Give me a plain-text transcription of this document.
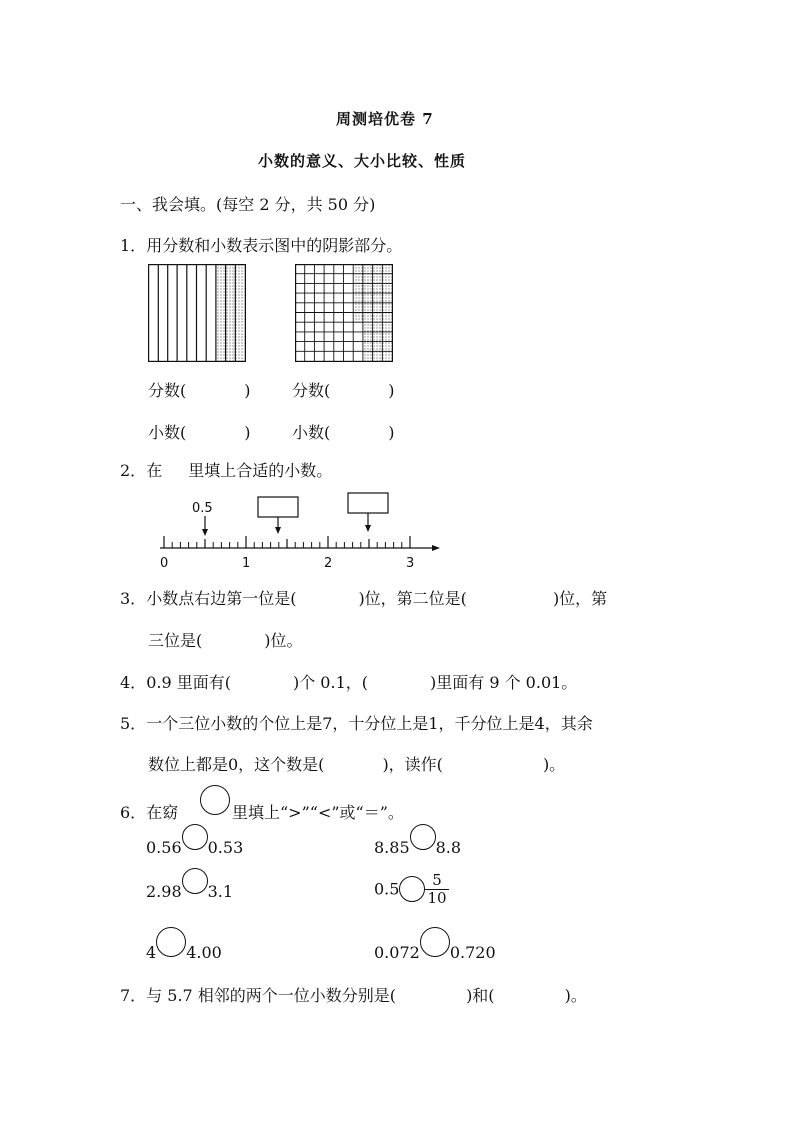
周测培优卷 7
小数的意义、大小比较、性质
一、我会填。(每空 2 分，共 50 分)
1．用分数和小数表示图中的阴影部分。
分数(	)	分数(	)
小数(	)	小数(	)
2．在 里填上合适的小数。
0.5
0	1	2	3
3．小数点右边第一位是(	)位，第二位是(	)位，第
三位是(	)位。
4．0.9 里面有(	)个 0.1，(	)里面有 9 个 0.01。
5．一个三位小数的个位上是7，十分位上是1，千分位上是4，其余
数位上都是0，这个数是(	)，读作(	)。
6．在窈	里填上“>”“<”或“＝”。
0.56 0.53	8.85 8.8
2.98 3.1	$0.5 \frac{5}{10}$
4 4.00	0.072 0.720
7．与 5.7 相邻的两个一位小数分别是(	)和(	)。
